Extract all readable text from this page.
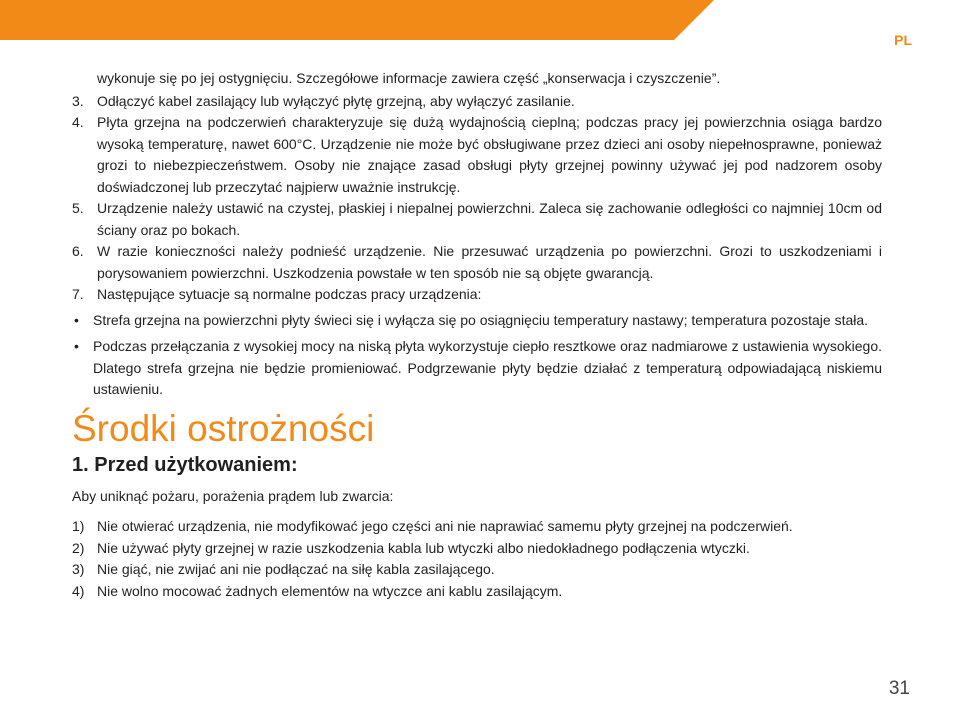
PL

wykonuje się po jej ostygnięciu. Szczegółowe informacje zawiera część „konserwacja i czyszczenie”.

3. Odłączyć kabel zasilający lub wyłączyć płytę grzejną, aby wyłączyć zasilanie.
4. Płyta grzejna na podczerwień charakteryzuje się dużą wydajnością cieplną; podczas pracy jej powierzchnia osiąga bardzo wysoką temperaturę, nawet 600°C. Urządzenie nie może być obsługiwane przez dzieci ani osoby niepełnosprawne, ponieważ grozi to niebezpieczeństwem. Osoby nie znające zasad obsługi płyty grzejnej powinny używać jej pod nadzorem osoby doświadczonej lub przeczytać najpierw uważnie instrukcję.
5. Urządzenie należy ustawić na czystej, płaskiej i niepalnej powierzchni. Zaleca się zachowanie odległości co najmniej 10cm od ściany oraz po bokach.
6. W razie konieczności należy podnieść urządzenie. Nie przesuwać urządzenia po powierzchni. Grozi to uszkodzeniami i porysowaniem powierzchni. Uszkodzenia powstałe w ten sposób nie są objęte gwarancją.
7. Następujące sytuacje są normalne podczas pracy urządzenia:
• Strefa grzejna na powierzchni płyty świeci się i wyłącza się po osiągnięciu temperatury nastawy; temperatura pozostaje stała.
• Podczas przełączania z wysokiej mocy na niską płyta wykorzystuje ciepło resztkowe oraz nadmiarowe z ustawienia wysokiego. Dlatego strefa grzejna nie będzie promieniować. Podgrzewanie płyty będzie działać z temperaturą odpowiadającą niskiemu ustawieniu.
Środki ostrożności
1. Przed użytkowaniem:

Aby uniknąć pożaru, porażenia prądem lub zwarcia:

1) Nie otwierać urządzenia, nie modyfikować jego części ani nie naprawiać samemu płyty grzejnej na podczerwień.
2) Nie używać płyty grzejnej w razie uszkodzenia kabla lub wtyczki albo niedokładnego podłączenia wtyczki.
3) Nie giąć, nie zwijać ani nie podłączać na siłę kabla zasilającego.
4) Nie wolno mocować żadnych elementów na wtyczce ani kablu zasilającym.
31
